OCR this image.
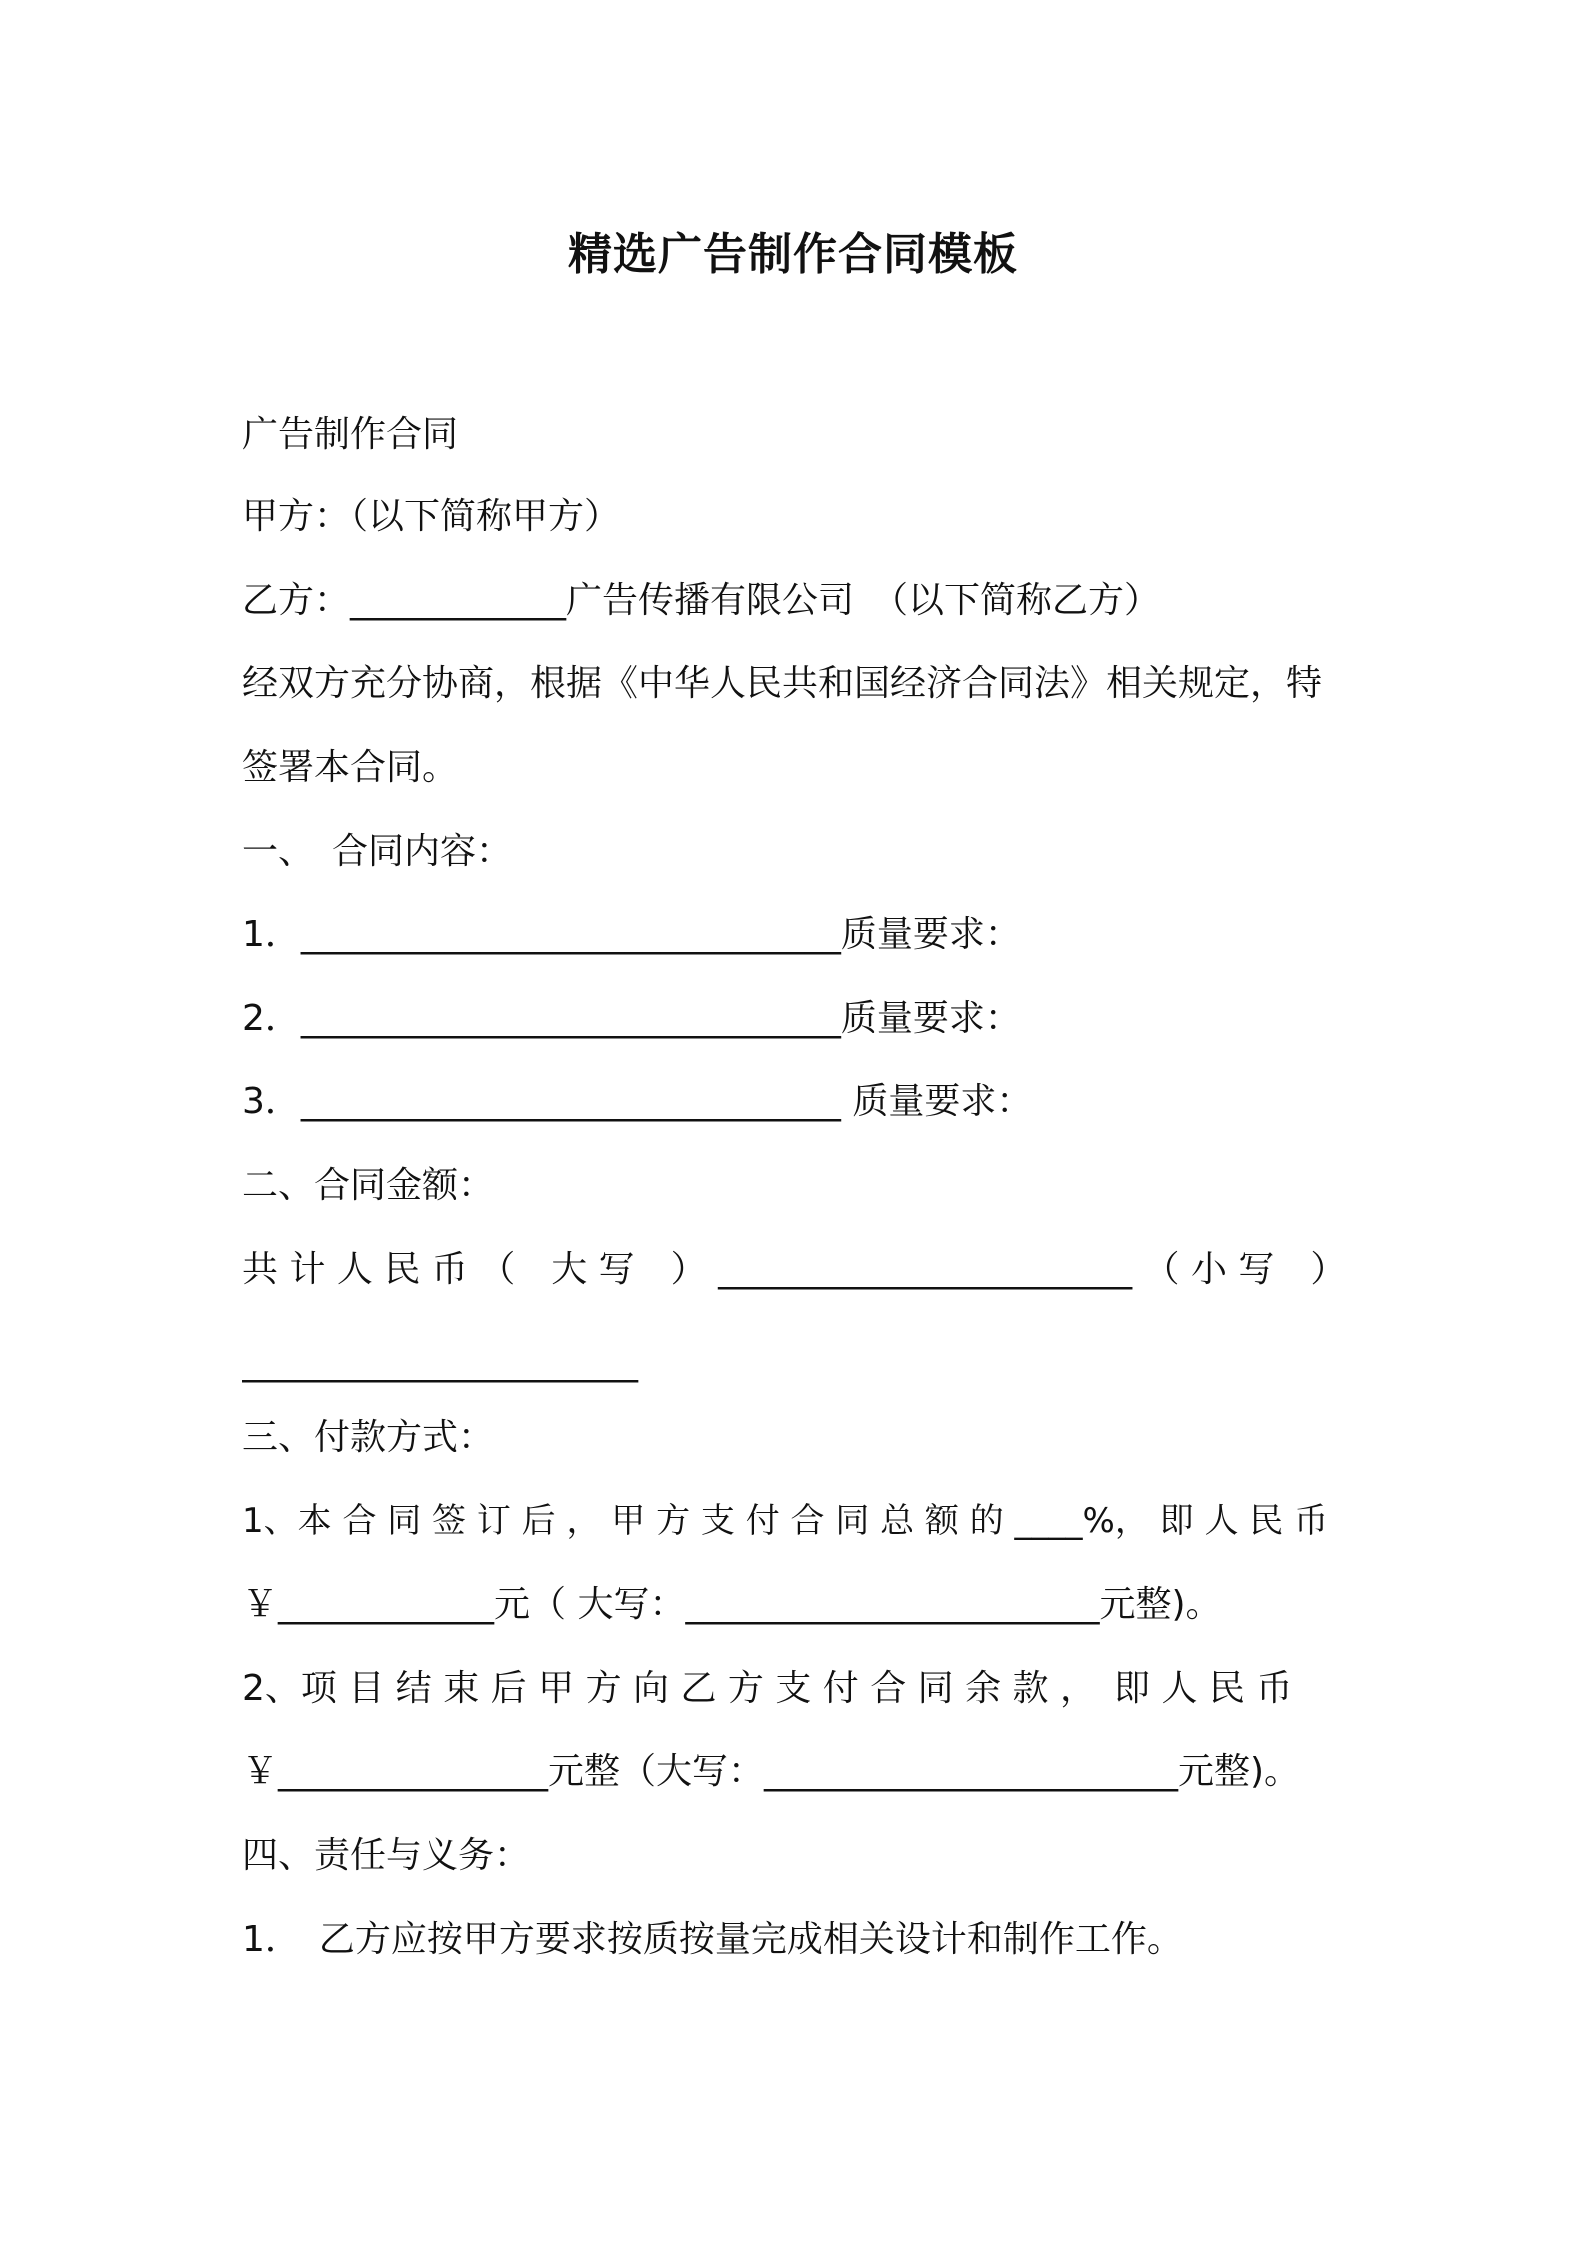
精选广告制作合同模板
广告制作合同
甲方：（以下简称甲方）
乙方：____________广告传播有限公司　（以下简称乙方）
经双方充分协商，根据《中华人民共和国经济合同法》相关规定，特
签署本合同。
一、　合同内容：
1．______________________________质量要求：
2．______________________________质量要求：
3．______________________________ 质量要求：
二、合同金额：
共 计 人 民 币 （　大 写　） _______________________ （ 小 写　）
______________________
三、付款方式：
1、本 合 同 签 订 后 ， 甲 方 支 付 合 同 总 额 的 ____%， 即 人 民 币
￥____________元（ 大写：_______________________元整)。
2、项 目 结 束 后 甲 方 向 乙 方 支 付 合 同 余 款 ，　即 人 民 币
￥_______________元整（大写：_______________________元整)。
四、责任与义务：
1．　乙方应按甲方要求按质按量完成相关设计和制作工作。
